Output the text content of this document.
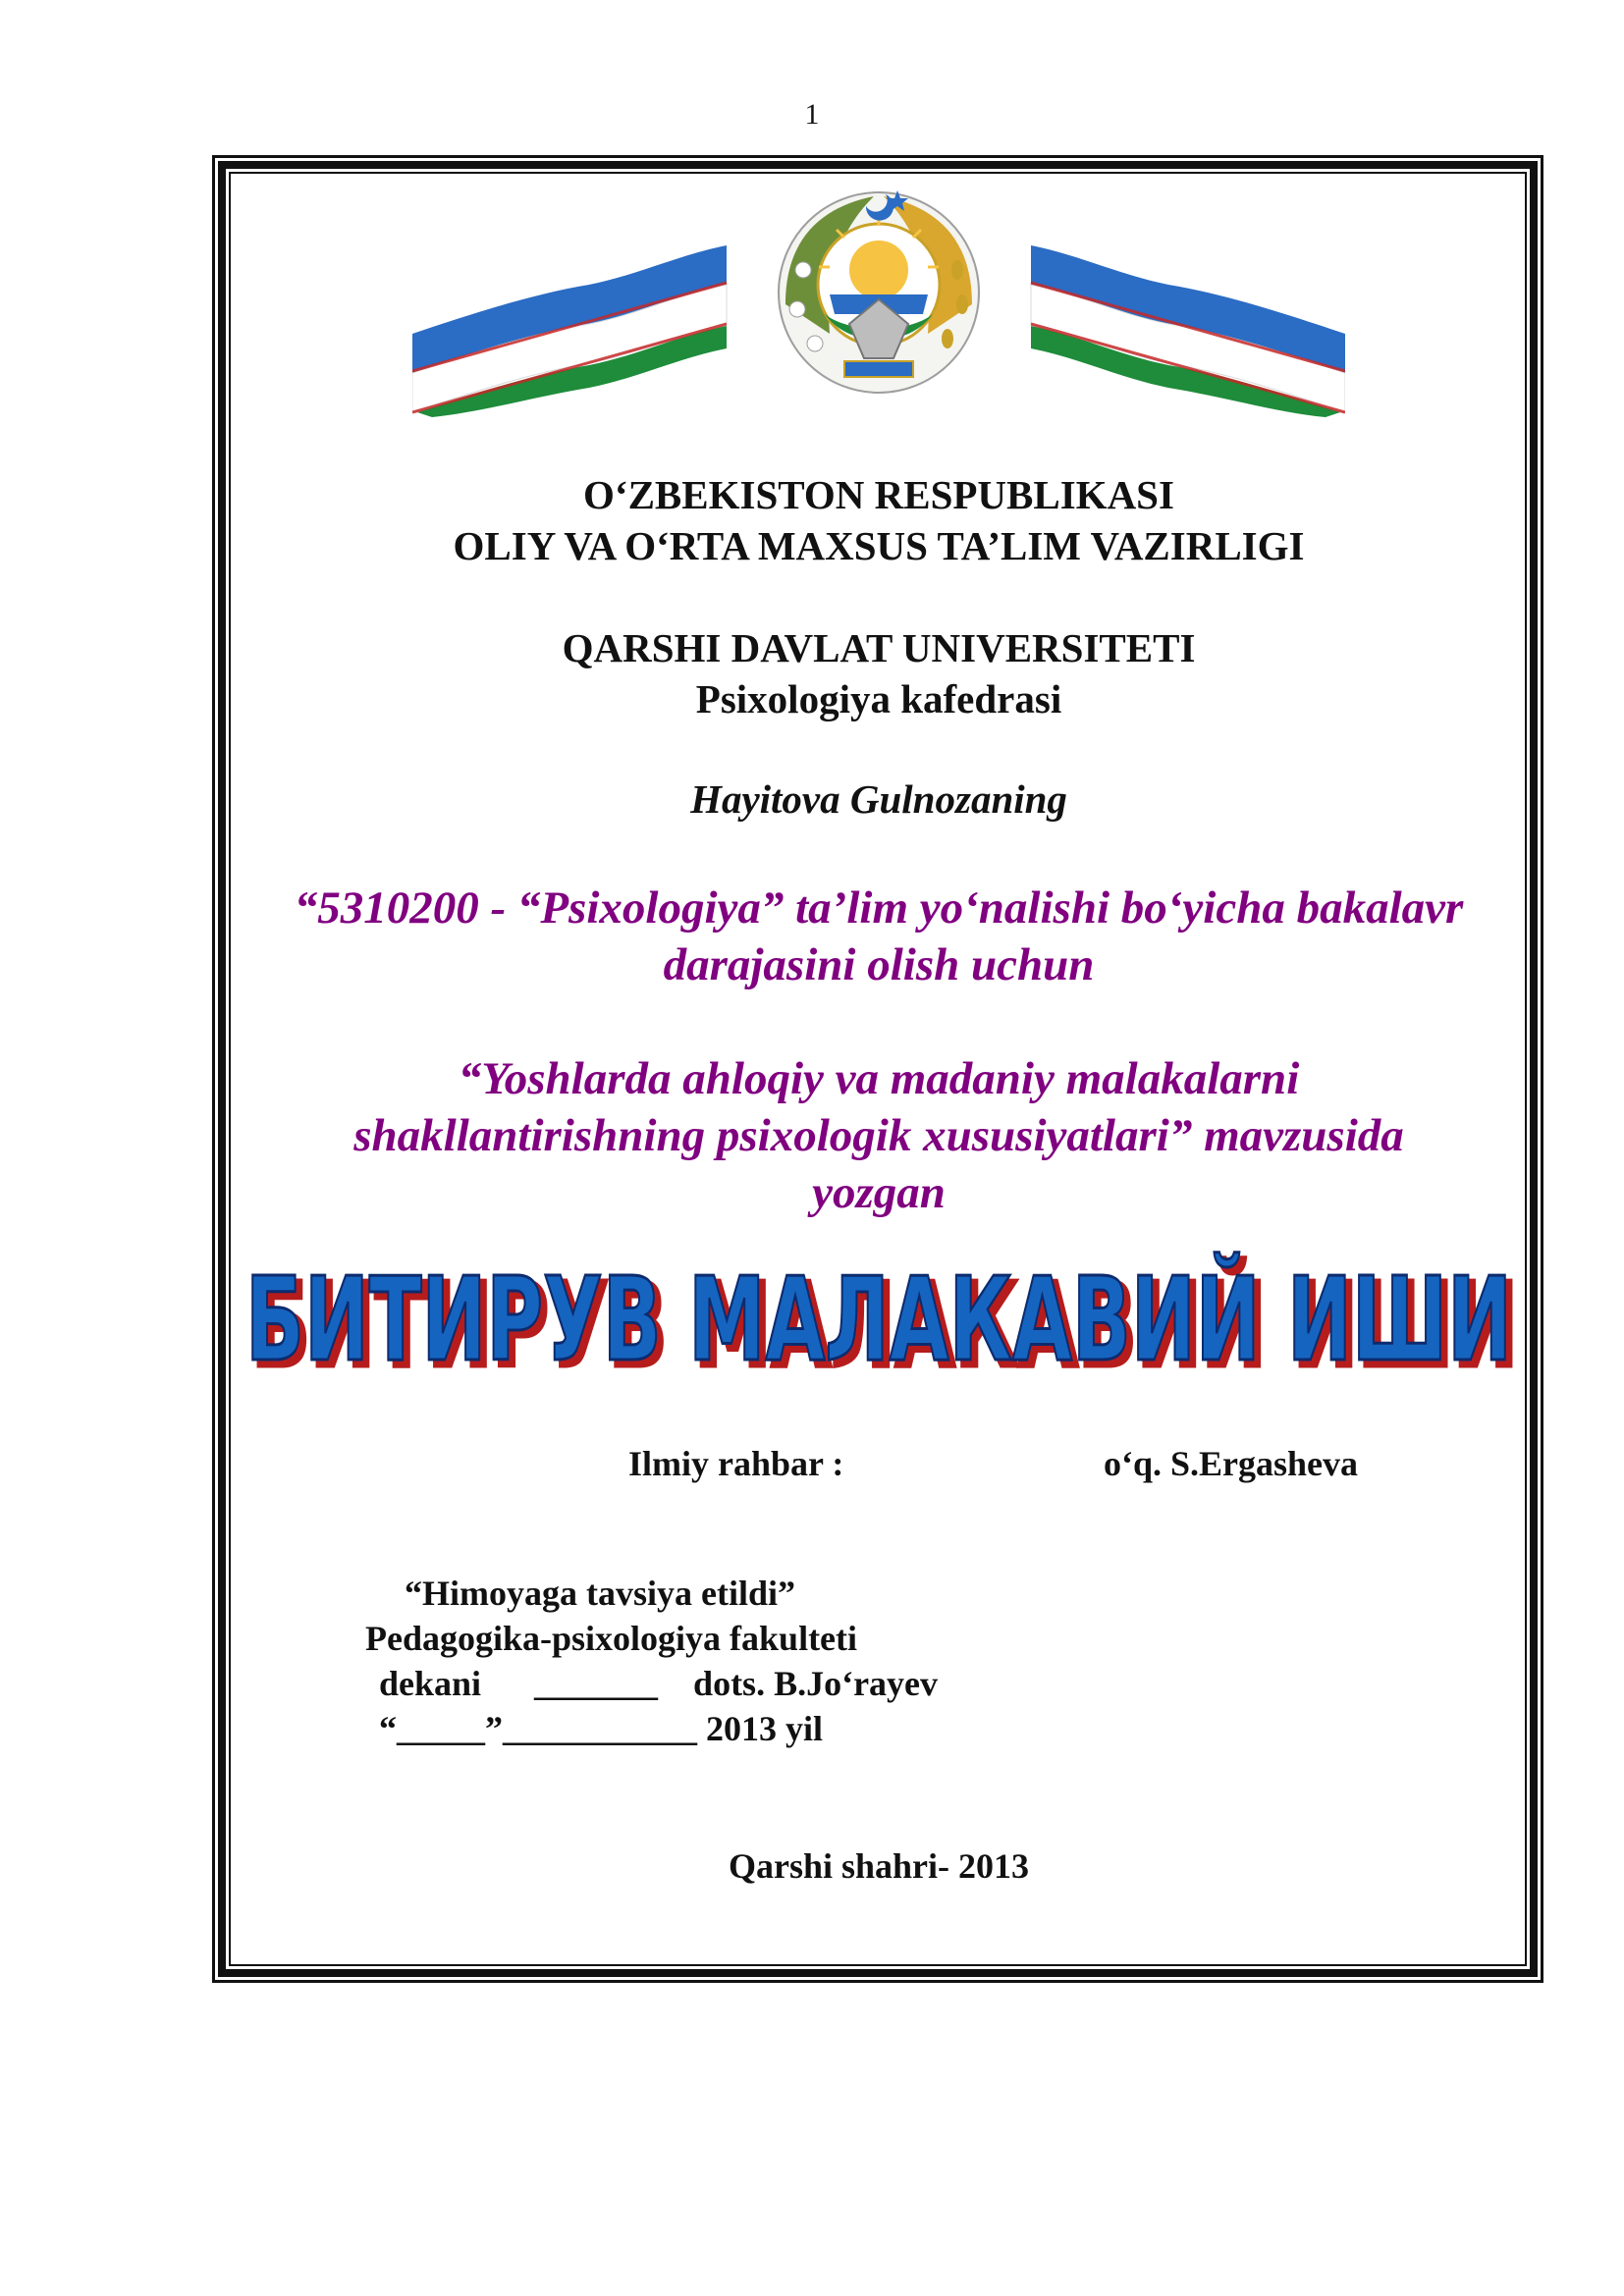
1
O‘ZBEKISTON RESPUBLIKASI
OLIY VA O‘RTA MAXSUS TA’LIM VAZIRLIGI
QARSHI DAVLAT UNIVERSITETI
Psixologiya kafedrasi
Hayitova Gulnozaning
“5310200 - “Psixologiya” ta’lim yo‘nalishi bo‘yicha bakalavr
darajasini olish uchun
“Yoshlarda ahloqiy va madaniy malakalarni
shakllantirishning psixologik xususiyatlari” mavzusida
yozgan
БИТИРУВ МАЛАКАВИЙ ИШИ
БИТИРУВ МАЛАКАВИЙ ИШИ
Ilmiy rahbar :	o‘q. S.Ergasheva
“Himoyaga tavsiya etildi”
Pedagogika-psixologiya fakulteti
dekani      _______    dots. B.Jo‘rayev
“_____”___________ 2013 yil
Qarshi shahri- 2013
